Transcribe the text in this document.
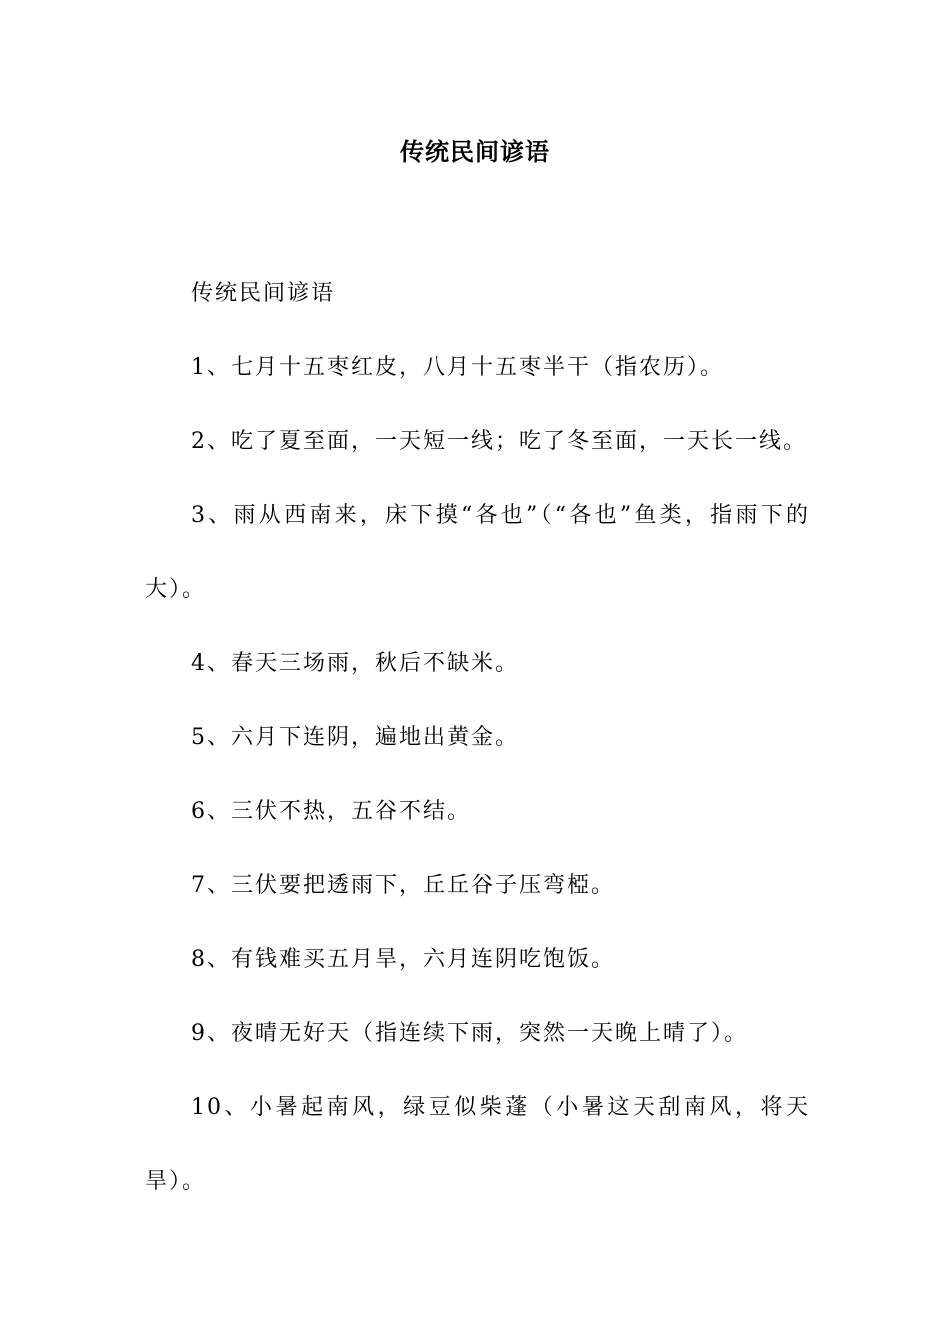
传统民间谚语

传统民间谚语

1、七月十五枣红皮，八月十五枣半干（指农历）。

2、吃了夏至面，一天短一线；吃了冬至面，一天长一线。

3、雨从西南来，床下摸“各也”（“各也”鱼类，指雨下的大）。

4、春天三场雨，秋后不缺米。

5、六月下连阴，遍地出黄金。

6、三伏不热，五谷不结。

7、三伏要把透雨下，丘丘谷子压弯椏。

8、有钱难买五月旱，六月连阴吃饱饭。

9、夜晴无好天（指连续下雨，突然一天晚上晴了）。

10、小暑起南风，绿豆似柴蓬（小暑这天刮南风，将天旱）。
